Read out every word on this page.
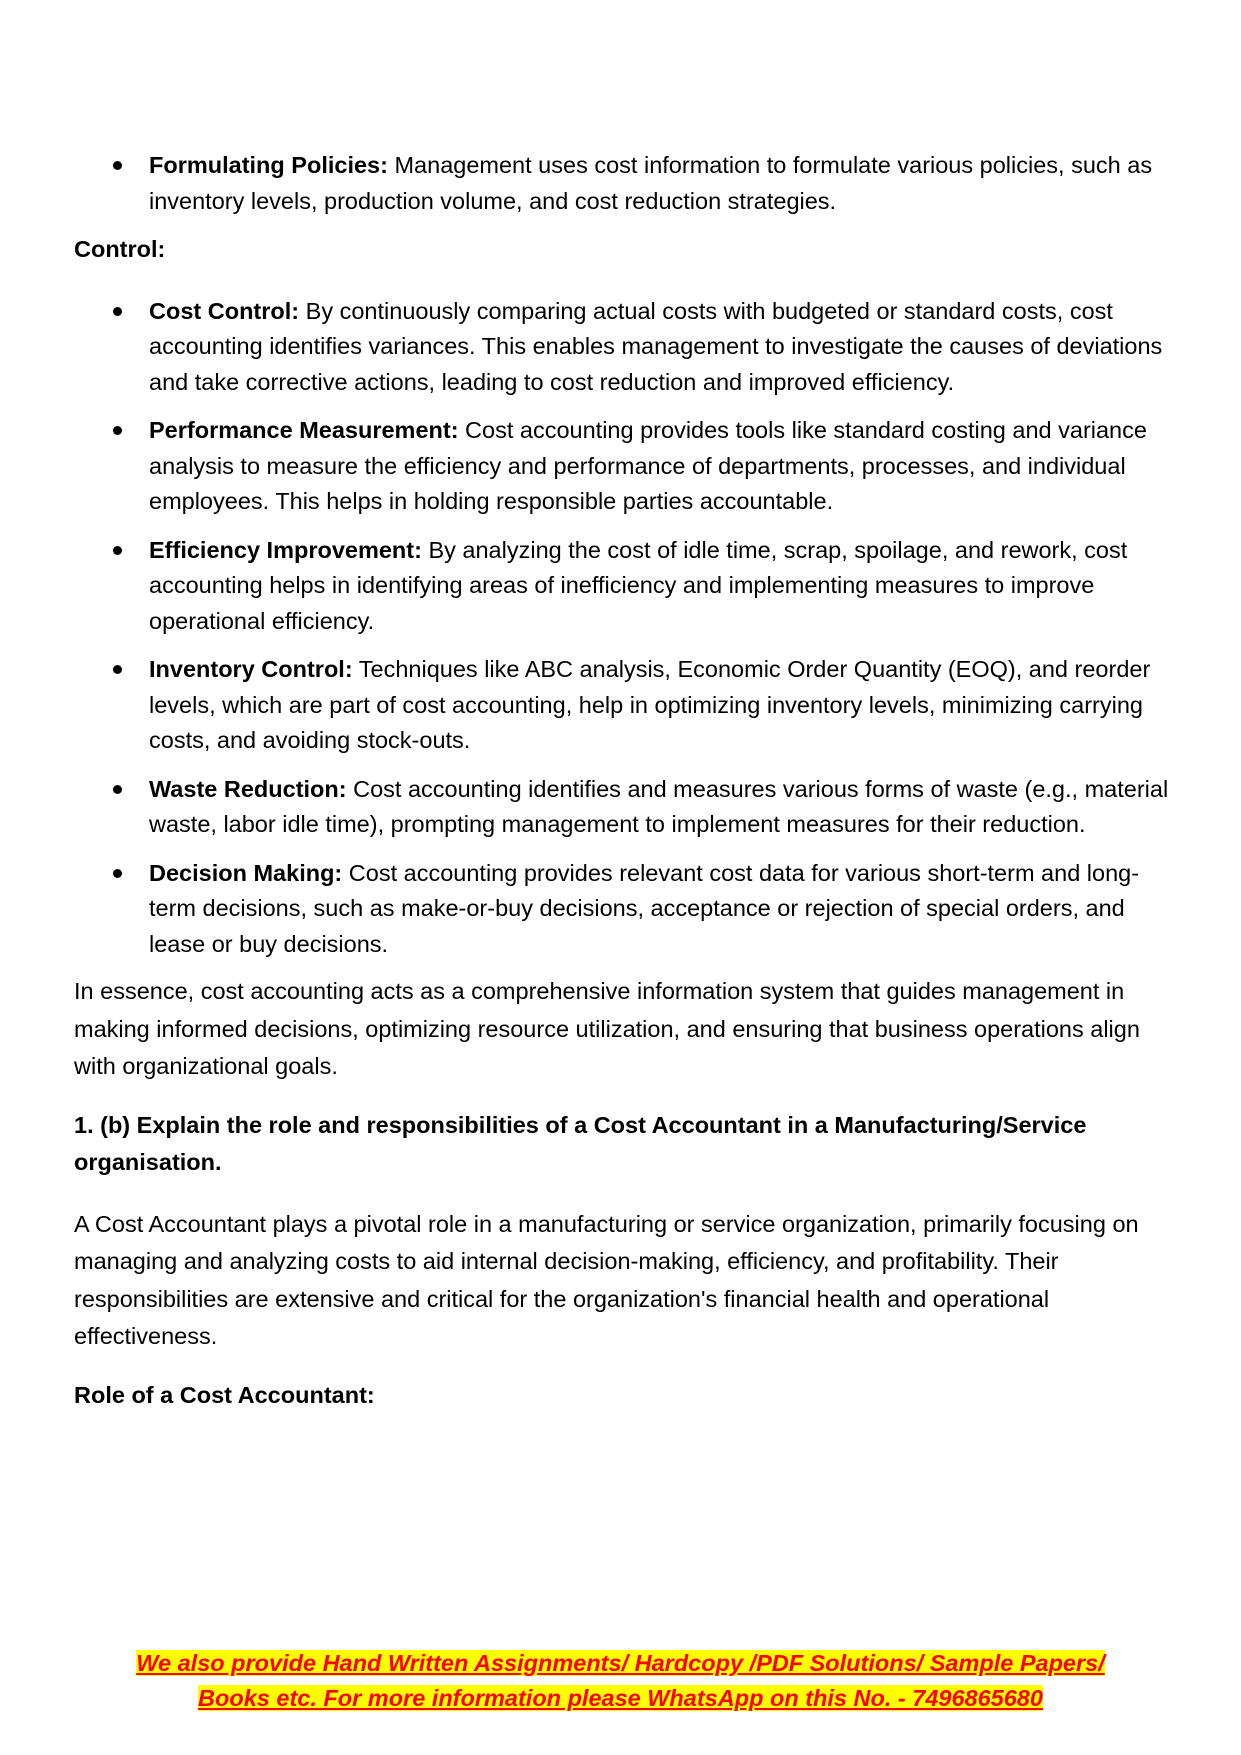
Formulating Policies: Management uses cost information to formulate various policies, such as inventory levels, production volume, and cost reduction strategies.
Control:
Cost Control: By continuously comparing actual costs with budgeted or standard costs, cost accounting identifies variances. This enables management to investigate the causes of deviations and take corrective actions, leading to cost reduction and improved efficiency.
Performance Measurement: Cost accounting provides tools like standard costing and variance analysis to measure the efficiency and performance of departments, processes, and individual employees. This helps in holding responsible parties accountable.
Efficiency Improvement: By analyzing the cost of idle time, scrap, spoilage, and rework, cost accounting helps in identifying areas of inefficiency and implementing measures to improve operational efficiency.
Inventory Control: Techniques like ABC analysis, Economic Order Quantity (EOQ), and reorder levels, which are part of cost accounting, help in optimizing inventory levels, minimizing carrying costs, and avoiding stock-outs.
Waste Reduction: Cost accounting identifies and measures various forms of waste (e.g., material waste, labor idle time), prompting management to implement measures for their reduction.
Decision Making: Cost accounting provides relevant cost data for various short-term and long-term decisions, such as make-or-buy decisions, acceptance or rejection of special orders, and lease or buy decisions.

In essence, cost accounting acts as a comprehensive information system that guides management in making informed decisions, optimizing resource utilization, and ensuring that business operations align with organizational goals.

1. (b) Explain the role and responsibilities of a Cost Accountant in a Manufacturing/Service organisation.

A Cost Accountant plays a pivotal role in a manufacturing or service organization, primarily focusing on managing and analyzing costs to aid internal decision-making, efficiency, and profitability. Their responsibilities are extensive and critical for the organization's financial health and operational effectiveness.

Role of a Cost Accountant:
We also provide Hand Written Assignments/ Hardcopy /PDF Solutions/ Sample Papers/
Books etc. For more information please WhatsApp on this No. - 7496865680
